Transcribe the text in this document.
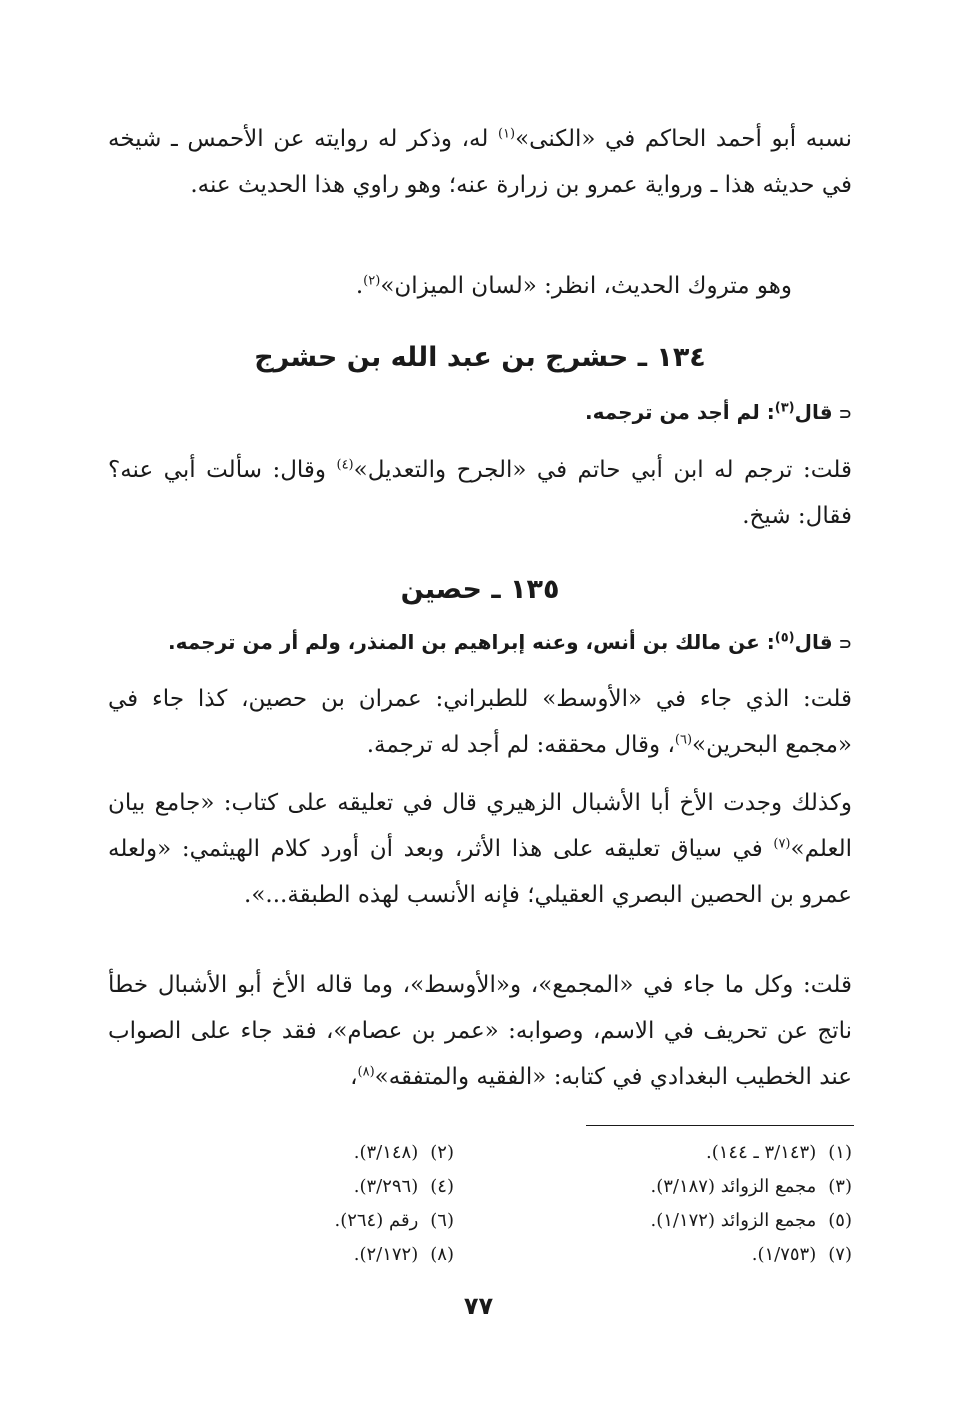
نسبه أبو أحمد الحاكم في «الكنى»$^{(١)}$ له، وذكر له روايته عن الأحمس ـ شيخه في حديثه هذا ـ ورواية عمرو بن زرارة عنه؛ وهو راوي هذا الحديث عنه.

وهو متروك الحديث، انظر: «لسان الميزان»$^{(٢)}$.

١٣٤ ـ حشرج بن عبد الله بن حشرج

⊂قال$^{(٣)}$: لم أجد من ترجمه.

قلت: ترجم له ابن أبي حاتم في «الجرح والتعديل»$^{(٤)}$ وقال: سألت أبي عنه؟ فقال: شيخ.

١٣٥ ـ حصين

⊂قال$^{(٥)}$: عن مالك بن أنس، وعنه إبراهيم بن المنذر، ولم أر من ترجمه.

قلت: الذي جاء في «الأوسط» للطبراني: عمران بن حصين، كذا جاء في «مجمع البحرين»$^{(٦)}$، وقال محققه: لم أجد له ترجمة.

وكذلك وجدت الأخ أبا الأشبال الزهيري قال في تعليقه على كتاب: «جامع بيان العلم»$^{(٧)}$ في سياق تعليقه على هذا الأثر، وبعد أن أورد كلام الهيثمي: «ولعله عمرو بن الحصين البصري العقيلي؛ فإنه الأنسب لهذه الطبقة...».

قلت: وكل ما جاء في «المجمع»، و«الأوسط»، وما قاله الأخ أبو الأشبال خطأ ناتج عن تحريف في الاسم، وصوابه: «عمر بن عصام»، فقد جاء على الصواب عند الخطيب البغدادي في كتابه: «الفقيه والمتفقه»$^{(٨)}$،

(١)(٣/١٤٣ ـ ١٤٤).
(٣)مجمع الزوائد (٣/١٨٧).
(٥)مجمع الزوائد (١/١٧٢).
(٧)(١/٧٥٣).
(٢)(٣/١٤٨).
(٤)(٣/٢٩٦).
(٦)رقم (٢٦٤).
(٨)(٢/١٧٢).
٧٧
